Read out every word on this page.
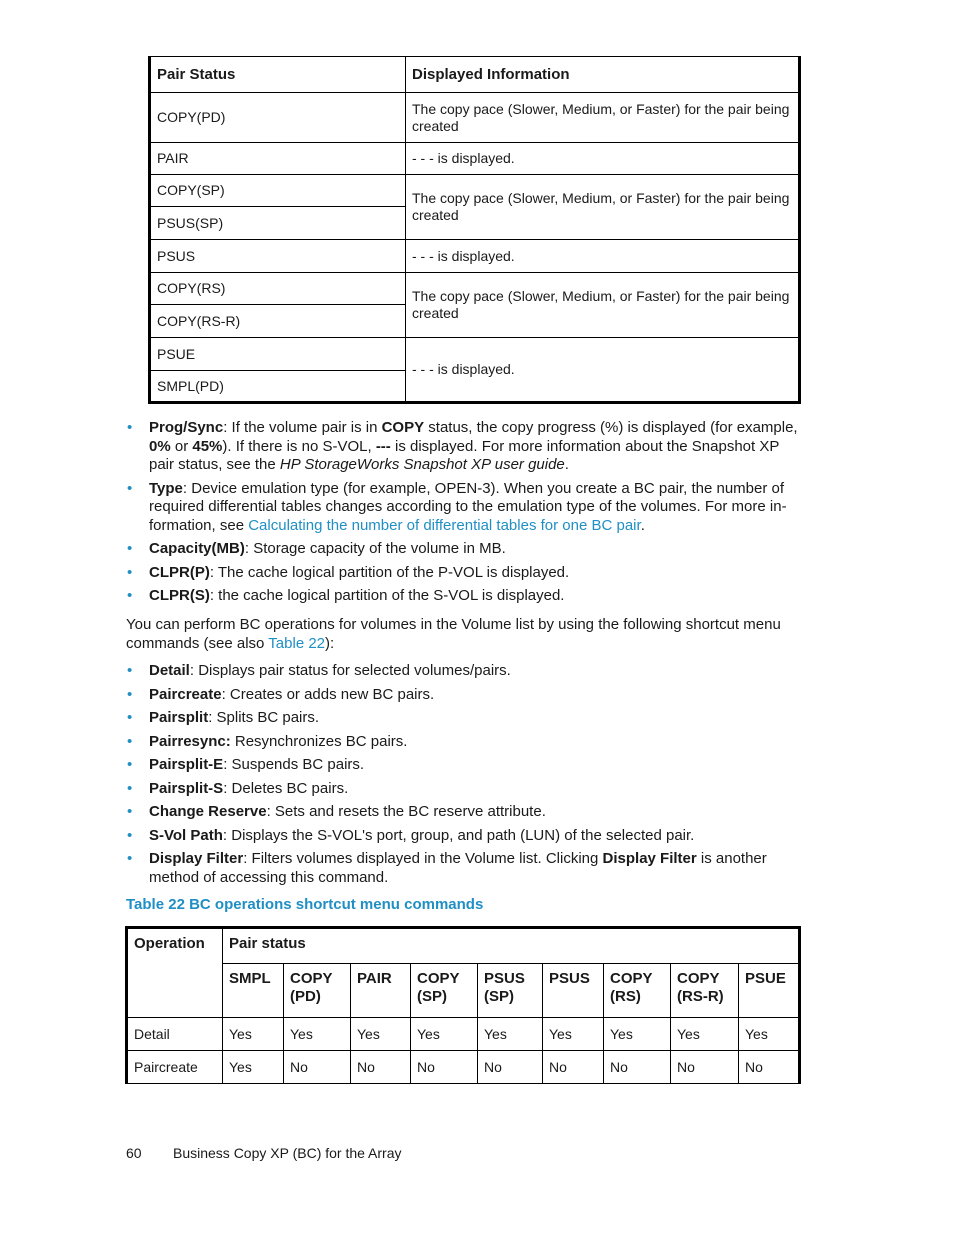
Pair Status	Displayed Information
COPY(PD)	The copy pace (Slower, Medium, or Faster) for the pair being created
PAIR	- - - is displayed.
COPY(SP)	The copy pace (Slower, Medium, or Faster) for the pair being created
PSUS(SP)	
PSUS	- - - is displayed.
COPY(RS)	The copy pace (Slower, Medium, or Faster) for the pair being created
COPY(RS-R)	
PSUE	- - - is displayed.
SMPL(PD)	
• Prog/Sync: If the volume pair is in COPY status, the copy progress (%) is displayed (for example, 0% or 45%). If there is no S-VOL, --- is displayed. For more information about the Snapshot XP pair status, see the HP StorageWorks Snapshot XP user guide.
• Type: Device emulation type (for example, OPEN-3). When you create a BC pair, the number of required differential tables changes according to the emulation type of the volumes. For more in-formation, see Calculating the number of differential tables for one BC pair.
• Capacity(MB): Storage capacity of the volume in MB.
• CLPR(P): The cache logical partition of the P-VOL is displayed.
• CLPR(S): the cache logical partition of the S-VOL is displayed.

You can perform BC operations for volumes in the Volume list by using the following shortcut menu commands (see also Table 22):

• Detail: Displays pair status for selected volumes/pairs.
• Paircreate: Creates or adds new BC pairs.
• Pairsplit: Splits BC pairs.
• Pairresync: Resynchronizes BC pairs.
• Pairsplit-E: Suspends BC pairs.
• Pairsplit-S: Deletes BC pairs.
• Change Reserve: Sets and resets the BC reserve attribute.
• S-Vol Path: Displays the S-VOL's port, group, and path (LUN) of the selected pair.
• Display Filter: Filters volumes displayed in the Volume list. Clicking Display Filter is another method of accessing this command.

Table 22 BC operations shortcut menu commands

Operation	Pair status								
	SMPL	COPY (PD)	PAIR	COPY (SP)	PSUS (SP)	PSUS	COPY (RS)	COPY (RS-R)	PSUE
Detail	Yes	Yes	Yes	Yes	Yes	Yes	Yes	Yes	Yes
Paircreate	Yes	No	No	No	No	No	No	No	No
60 Business Copy XP (BC) for the Array
